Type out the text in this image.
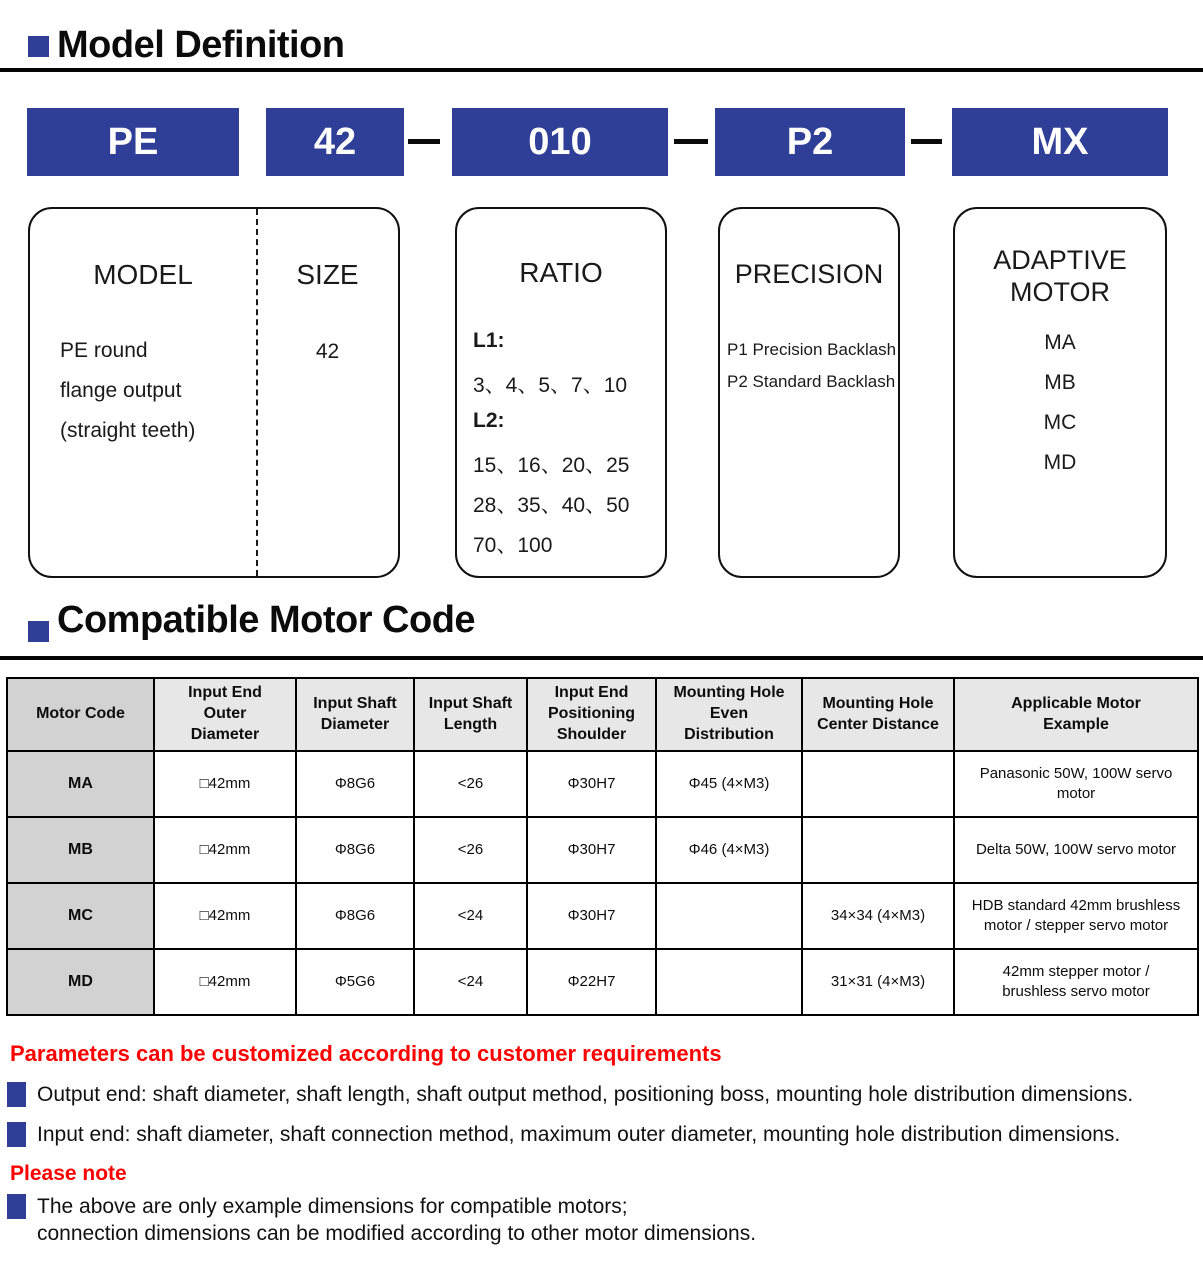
Model Definition
PE	42	010	P2	MX
MODEL
PE round
flange output
(straight teeth)
SIZE
42
RATIO
L1:
3、4、5、7、10
L2:
15、16、20、25
28、35、40、50
70、100
PRECISION
P1 Precision Backlash
P2 Standard Backlash
ADAPTIVE
MOTOR
MA
MB
MC
MD
Compatible Motor Code
Motor Code	Input End Outer Diameter	Input Shaft Diameter	Input Shaft Length	Input End Positioning Shoulder	Mounting Hole Even Distribution	Mounting Hole Center Distance	Applicable Motor Example
MA	□42mm	Φ8G6	<26	Φ30H7	Φ45 (4×M3)		Panasonic 50W, 100W servo motor
MB	□42mm	Φ8G6	<26	Φ30H7	Φ46 (4×M3)		Delta 50W, 100W servo motor
MC	□42mm	Φ8G6	<24	Φ30H7		34×34 (4×M3)	HDB standard 42mm brushless motor / stepper servo motor
MD	□42mm	Φ5G6	<24	Φ22H7		31×31 (4×M3)	42mm stepper motor / brushless servo motor
Parameters can be customized according to customer requirements
Output end: shaft diameter, shaft length, shaft output method, positioning boss, mounting hole distribution dimensions.
Input end: shaft diameter, shaft connection method, maximum outer diameter, mounting hole distribution dimensions.
Please note
The above are only example dimensions for compatible motors;
connection dimensions can be modified according to other motor dimensions.
